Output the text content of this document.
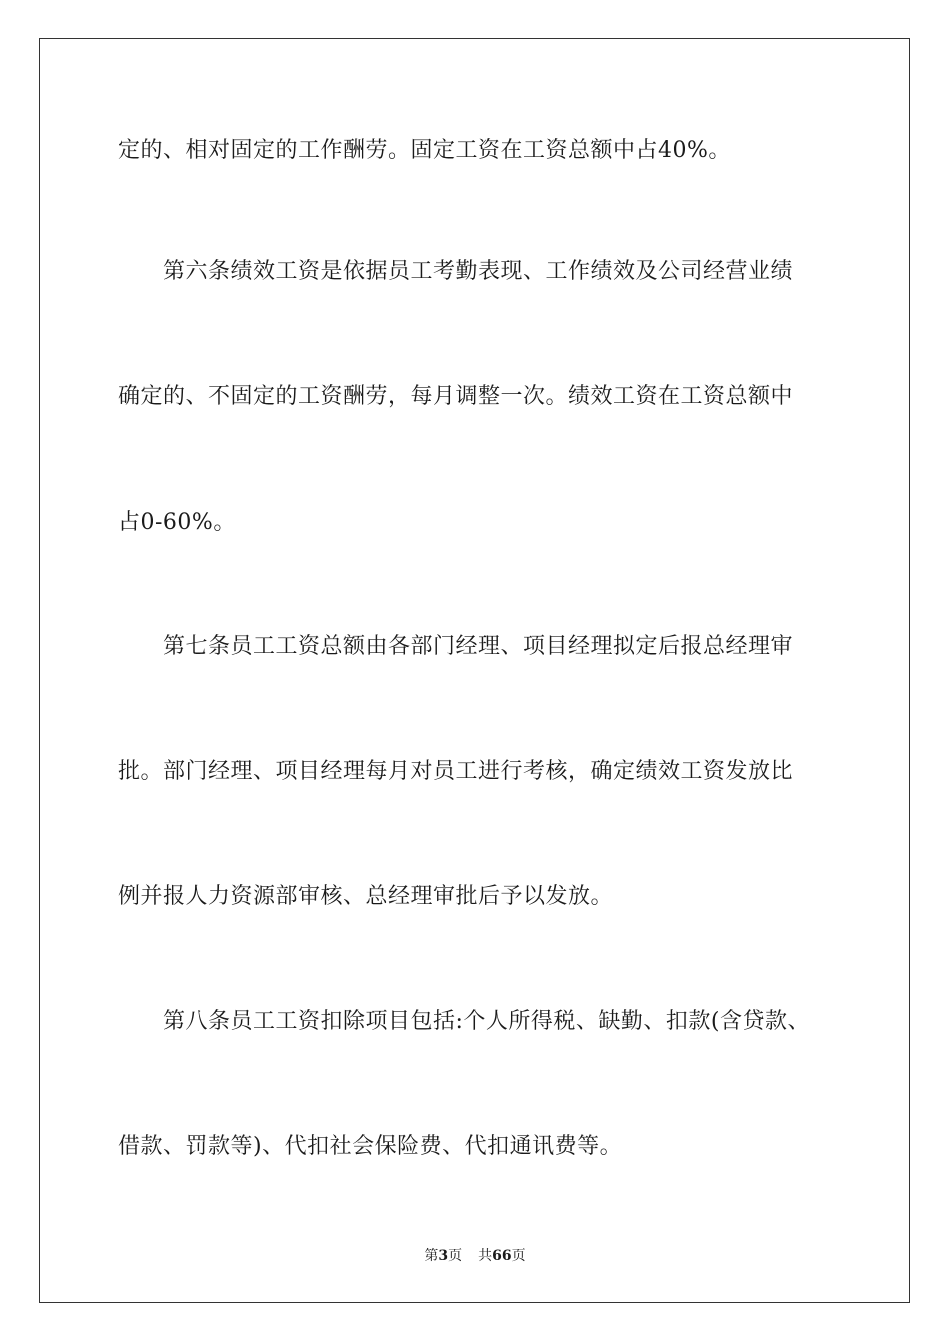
定的、相对固定的工作酬劳。固定工资在工资总额中占40%。
第六条绩效工资是依据员工考勤表现、工作绩效及公司经营业绩
确定的、不固定的工资酬劳，每月调整一次。绩效工资在工资总额中
占0-60%。
第七条员工工资总额由各部门经理、项目经理拟定后报总经理审
批。部门经理、项目经理每月对员工进行考核，确定绩效工资发放比
例并报人力资源部审核、总经理审批后予以发放。
第八条员工工资扣除项目包括:个人所得税、缺勤、扣款(含贷款、
借款、罚款等)、代扣社会保险费、代扣通讯费等。
第3页 共66页
